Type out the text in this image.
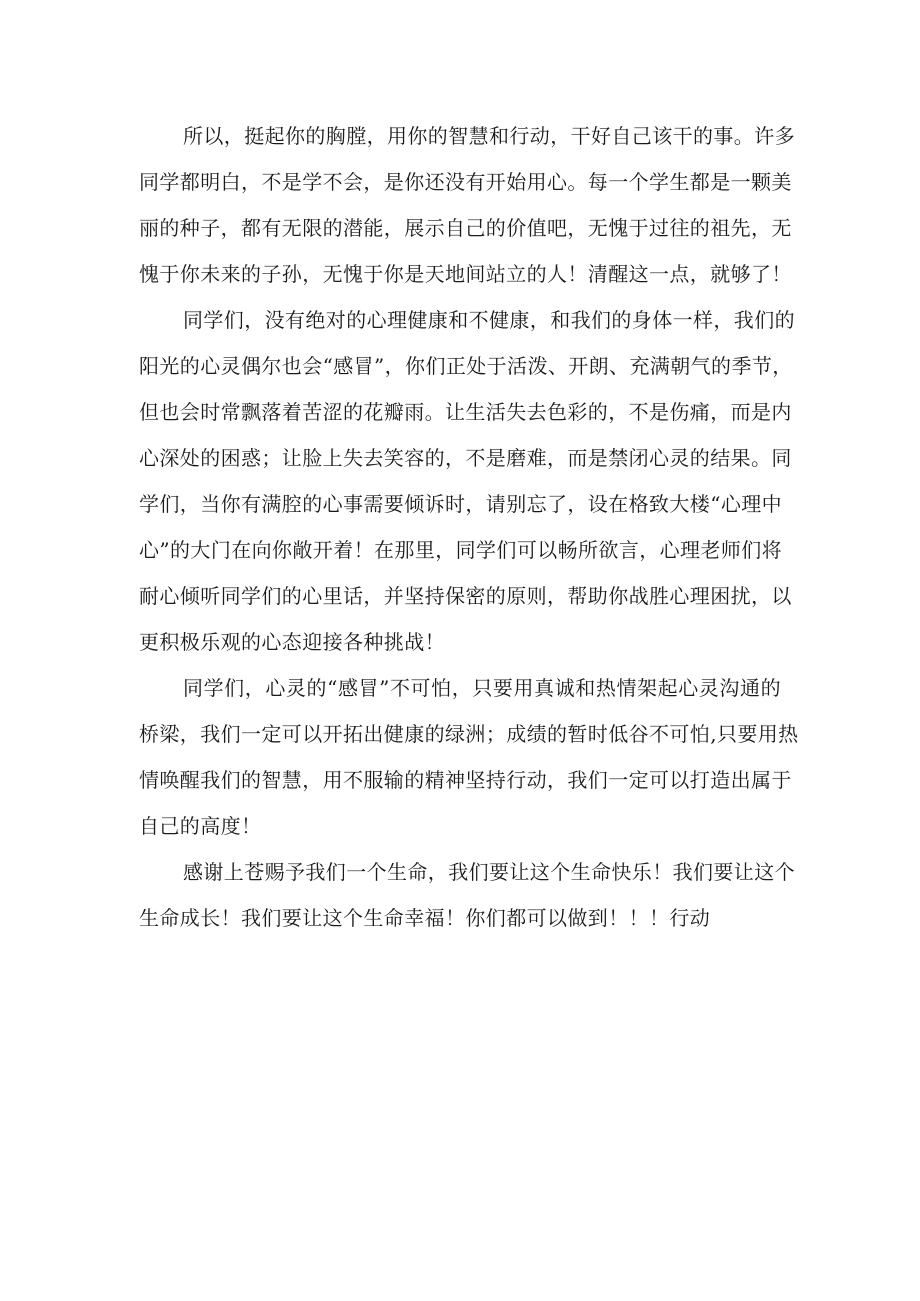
所以，挺起你的胸膛，用你的智慧和行动，干好自己该干的事。许多
同学都明白，不是学不会，是你还没有开始用心。每一个学生都是一颗美
丽的种子，都有无限的潜能，展示自己的价值吧，无愧于过往的祖先，无
愧于你未来的子孙，无愧于你是天地间站立的人！清醒这一点，就够了！
同学们，没有绝对的心理健康和不健康，和我们的身体一样，我们的
阳光的心灵偶尔也会“感冒”，你们正处于活泼、开朗、充满朝气的季节，
但也会时常飘落着苦涩的花瓣雨。让生活失去色彩的，不是伤痛，而是内
心深处的困惑；让脸上失去笑容的，不是磨难，而是禁闭心灵的结果。同
学们，当你有满腔的心事需要倾诉时，请别忘了，设在格致大楼“心理中
心”的大门在向你敞开着！在那里，同学们可以畅所欲言，心理老师们将
耐心倾听同学们的心里话，并坚持保密的原则，帮助你战胜心理困扰，以
更积极乐观的心态迎接各种挑战！
同学们，心灵的“感冒”不可怕，只要用真诚和热情架起心灵沟通的
桥梁，我们一定可以开拓出健康的绿洲；成绩的暂时低谷不可怕,只要用热
情唤醒我们的智慧，用不服输的精神坚持行动，我们一定可以打造出属于
自己的高度！
感谢上苍赐予我们一个生命，我们要让这个生命快乐！我们要让这个
生命成长！我们要让这个生命幸福！你们都可以做到！！！行动
